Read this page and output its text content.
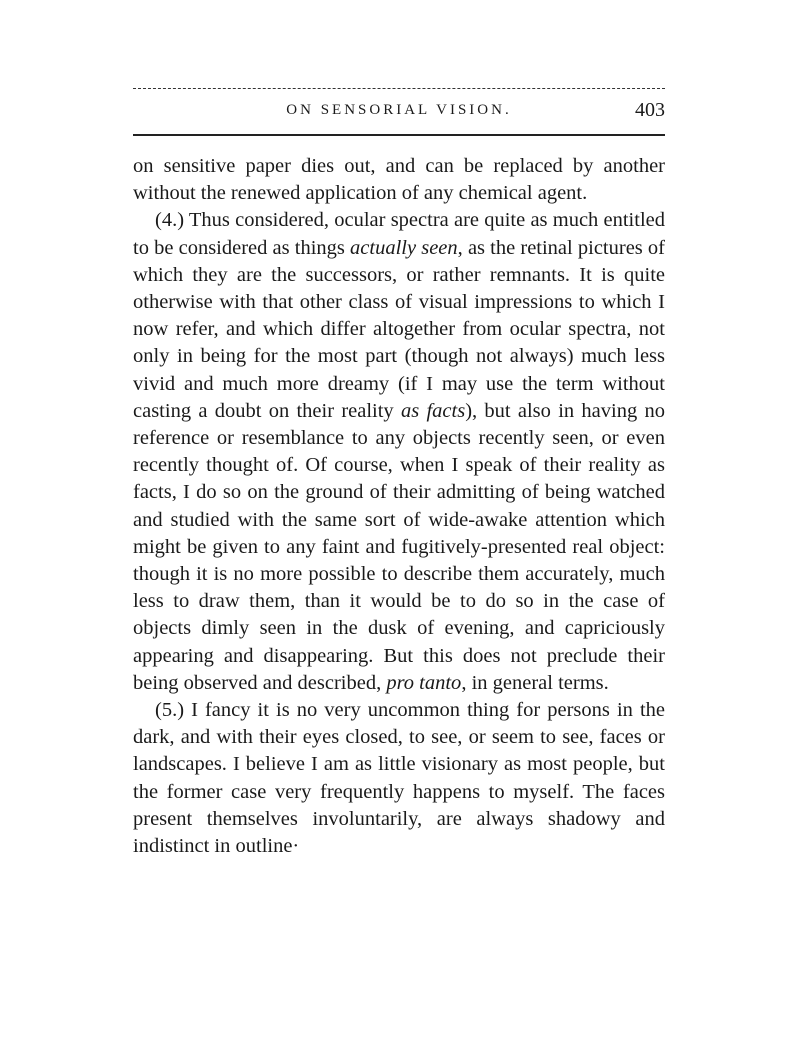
ON SENSORIAL VISION.	403

on sensitive paper dies out, and can be replaced by another without the renewed application of any chemical agent.

(4.) Thus considered, ocular spectra are quite as much entitled to be considered as things actually seen, as the retinal pictures of which they are the successors, or rather remnants. It is quite otherwise with that other class of visual impressions to which I now refer, and which differ altogether from ocular spectra, not only in being for the most part (though not always) much less vivid and much more dreamy (if I may use the term without casting a doubt on their reality as facts), but also in having no reference or resemblance to any objects recently seen, or even recently thought of. Of course, when I speak of their reality as facts, I do so on the ground of their admitting of being watched and studied with the same sort of wide-awake attention which might be given to any faint and fugitively-presented real object: though it is no more possible to describe them accurately, much less to draw them, than it would be to do so in the case of objects dimly seen in the dusk of evening, and capriciously appearing and disappearing. But this does not preclude their being observed and described, pro tanto, in general terms.

(5.) I fancy it is no very uncommon thing for persons in the dark, and with their eyes closed, to see, or seem to see, faces or landscapes. I believe I am as little visionary as most people, but the former case very frequently happens to myself. The faces present themselves involuntarily, are always shadowy and indistinct in outline·
